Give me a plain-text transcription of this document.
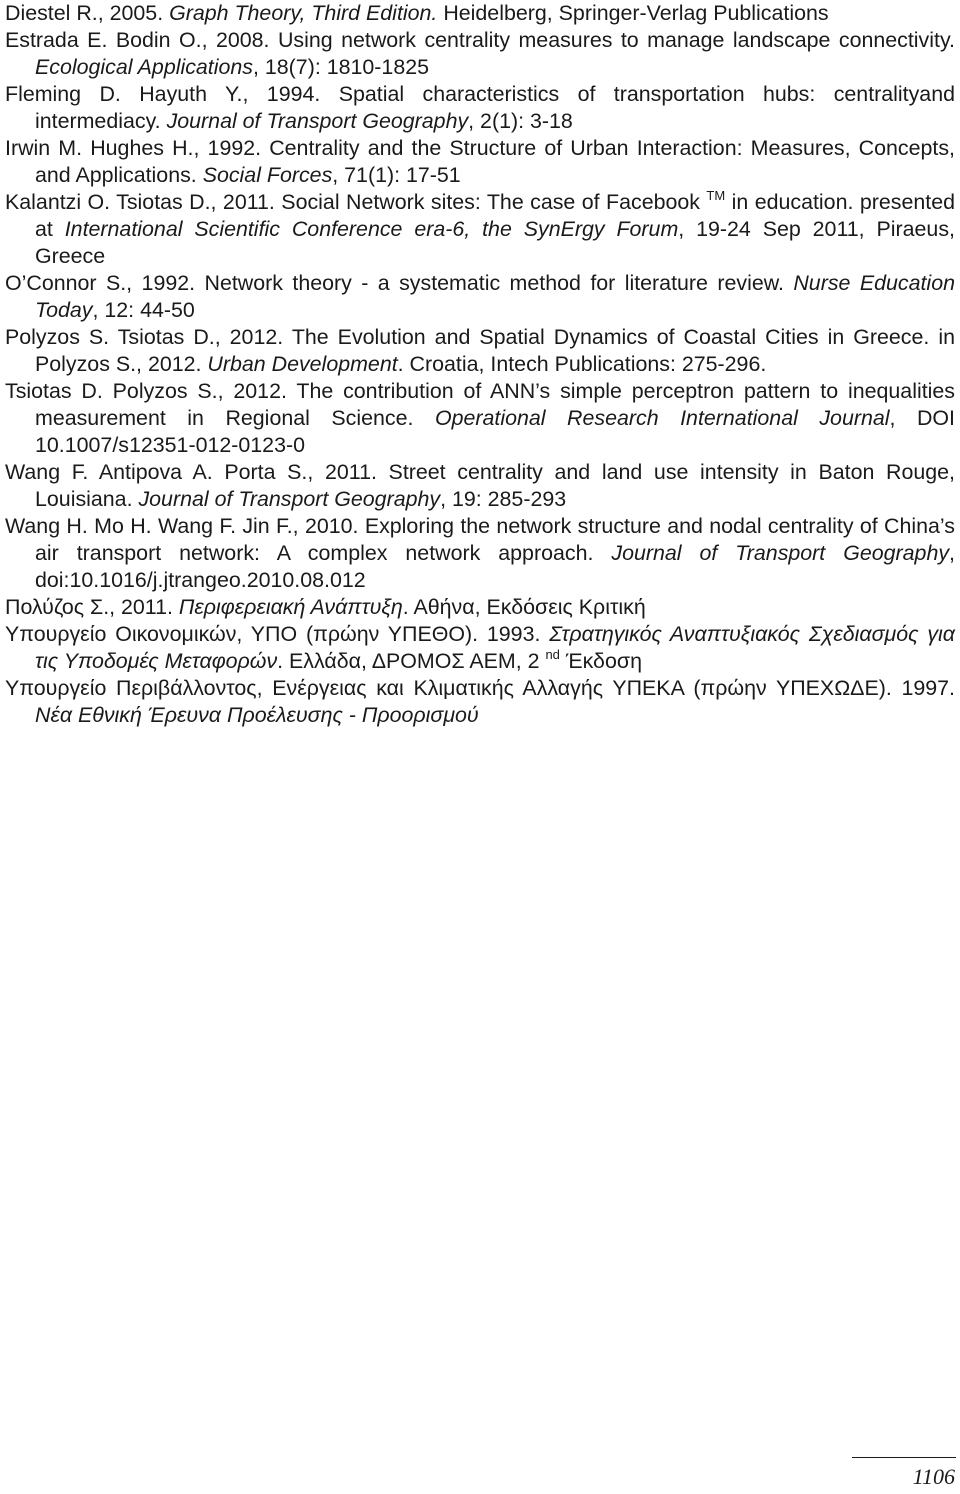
Diestel R., 2005. Graph Theory, Third Edition. Heidelberg, Springer-Verlag Publications

Estrada E. Bodin O., 2008. Using network centrality measures to manage landscape connectivity. Ecological Applications, 18(7): 1810-1825

Fleming D. Hayuth Y., 1994. Spatial characteristics of transportation hubs: centralityand intermediacy. Journal of Transport Geography, 2(1): 3-18

Irwin M. Hughes H., 1992. Centrality and the Structure of Urban Interaction: Measures, Concepts, and Applications. Social Forces, 71(1): 17-51

Kalantzi O. Tsiotas D., 2011. Social Network sites: The case of Facebook ™ in education. presented at International Scientific Conference era-6, the SynErgy Forum, 19-24 Sep 2011, Piraeus, Greece

O’Connor S., 1992. Network theory - a systematic method for literature review. Nurse Education Today, 12: 44-50

Polyzos S. Tsiotas D., 2012. The Evolution and Spatial Dynamics of Coastal Cities in Greece. in Polyzos S., 2012. Urban Development. Croatia, Intech Publications: 275-296.

Tsiotas D. Polyzos S., 2012. The contribution of ANN’s simple perceptron pattern to inequalities measurement in Regional Science. Operational Research International Journal, DOI 10.1007/s12351-012-0123-0

Wang F. Antipova A. Porta S., 2011. Street centrality and land use intensity in Baton Rouge, Louisiana. Journal of Transport Geography, 19: 285-293

Wang H. Mo H. Wang F. Jin F., 2010. Exploring the network structure and nodal centrality of China’s air transport network: A complex network approach. Journal of Transport Geography, doi:10.1016/j.jtrangeo.2010.08.012

Πολύζος Σ., 2011. Περιφερειακή Ανάπτυξη. Αθήνα, Εκδόσεις Κριτική

Υπουργείο Οικονομικών, ΥΠΟ (πρώην ΥΠΕΘΟ). 1993. Στρατηγικός Αναπτυξιακός Σχεδιασμός για τις Υποδομές Μεταφορών. Ελλάδα, ΔΡΟΜΟΣ ΑΕΜ, 2 $^{nd}$ Έκδοση

Υπουργείο Περιβάλλοντος, Ενέργειας και Κλιματικής Αλλαγής ΥΠΕΚΑ (πρώην ΥΠΕΧΩΔΕ). 1997. Νέα Εθνική Έρευνα Προέλευσης - Προορισμού

1106
